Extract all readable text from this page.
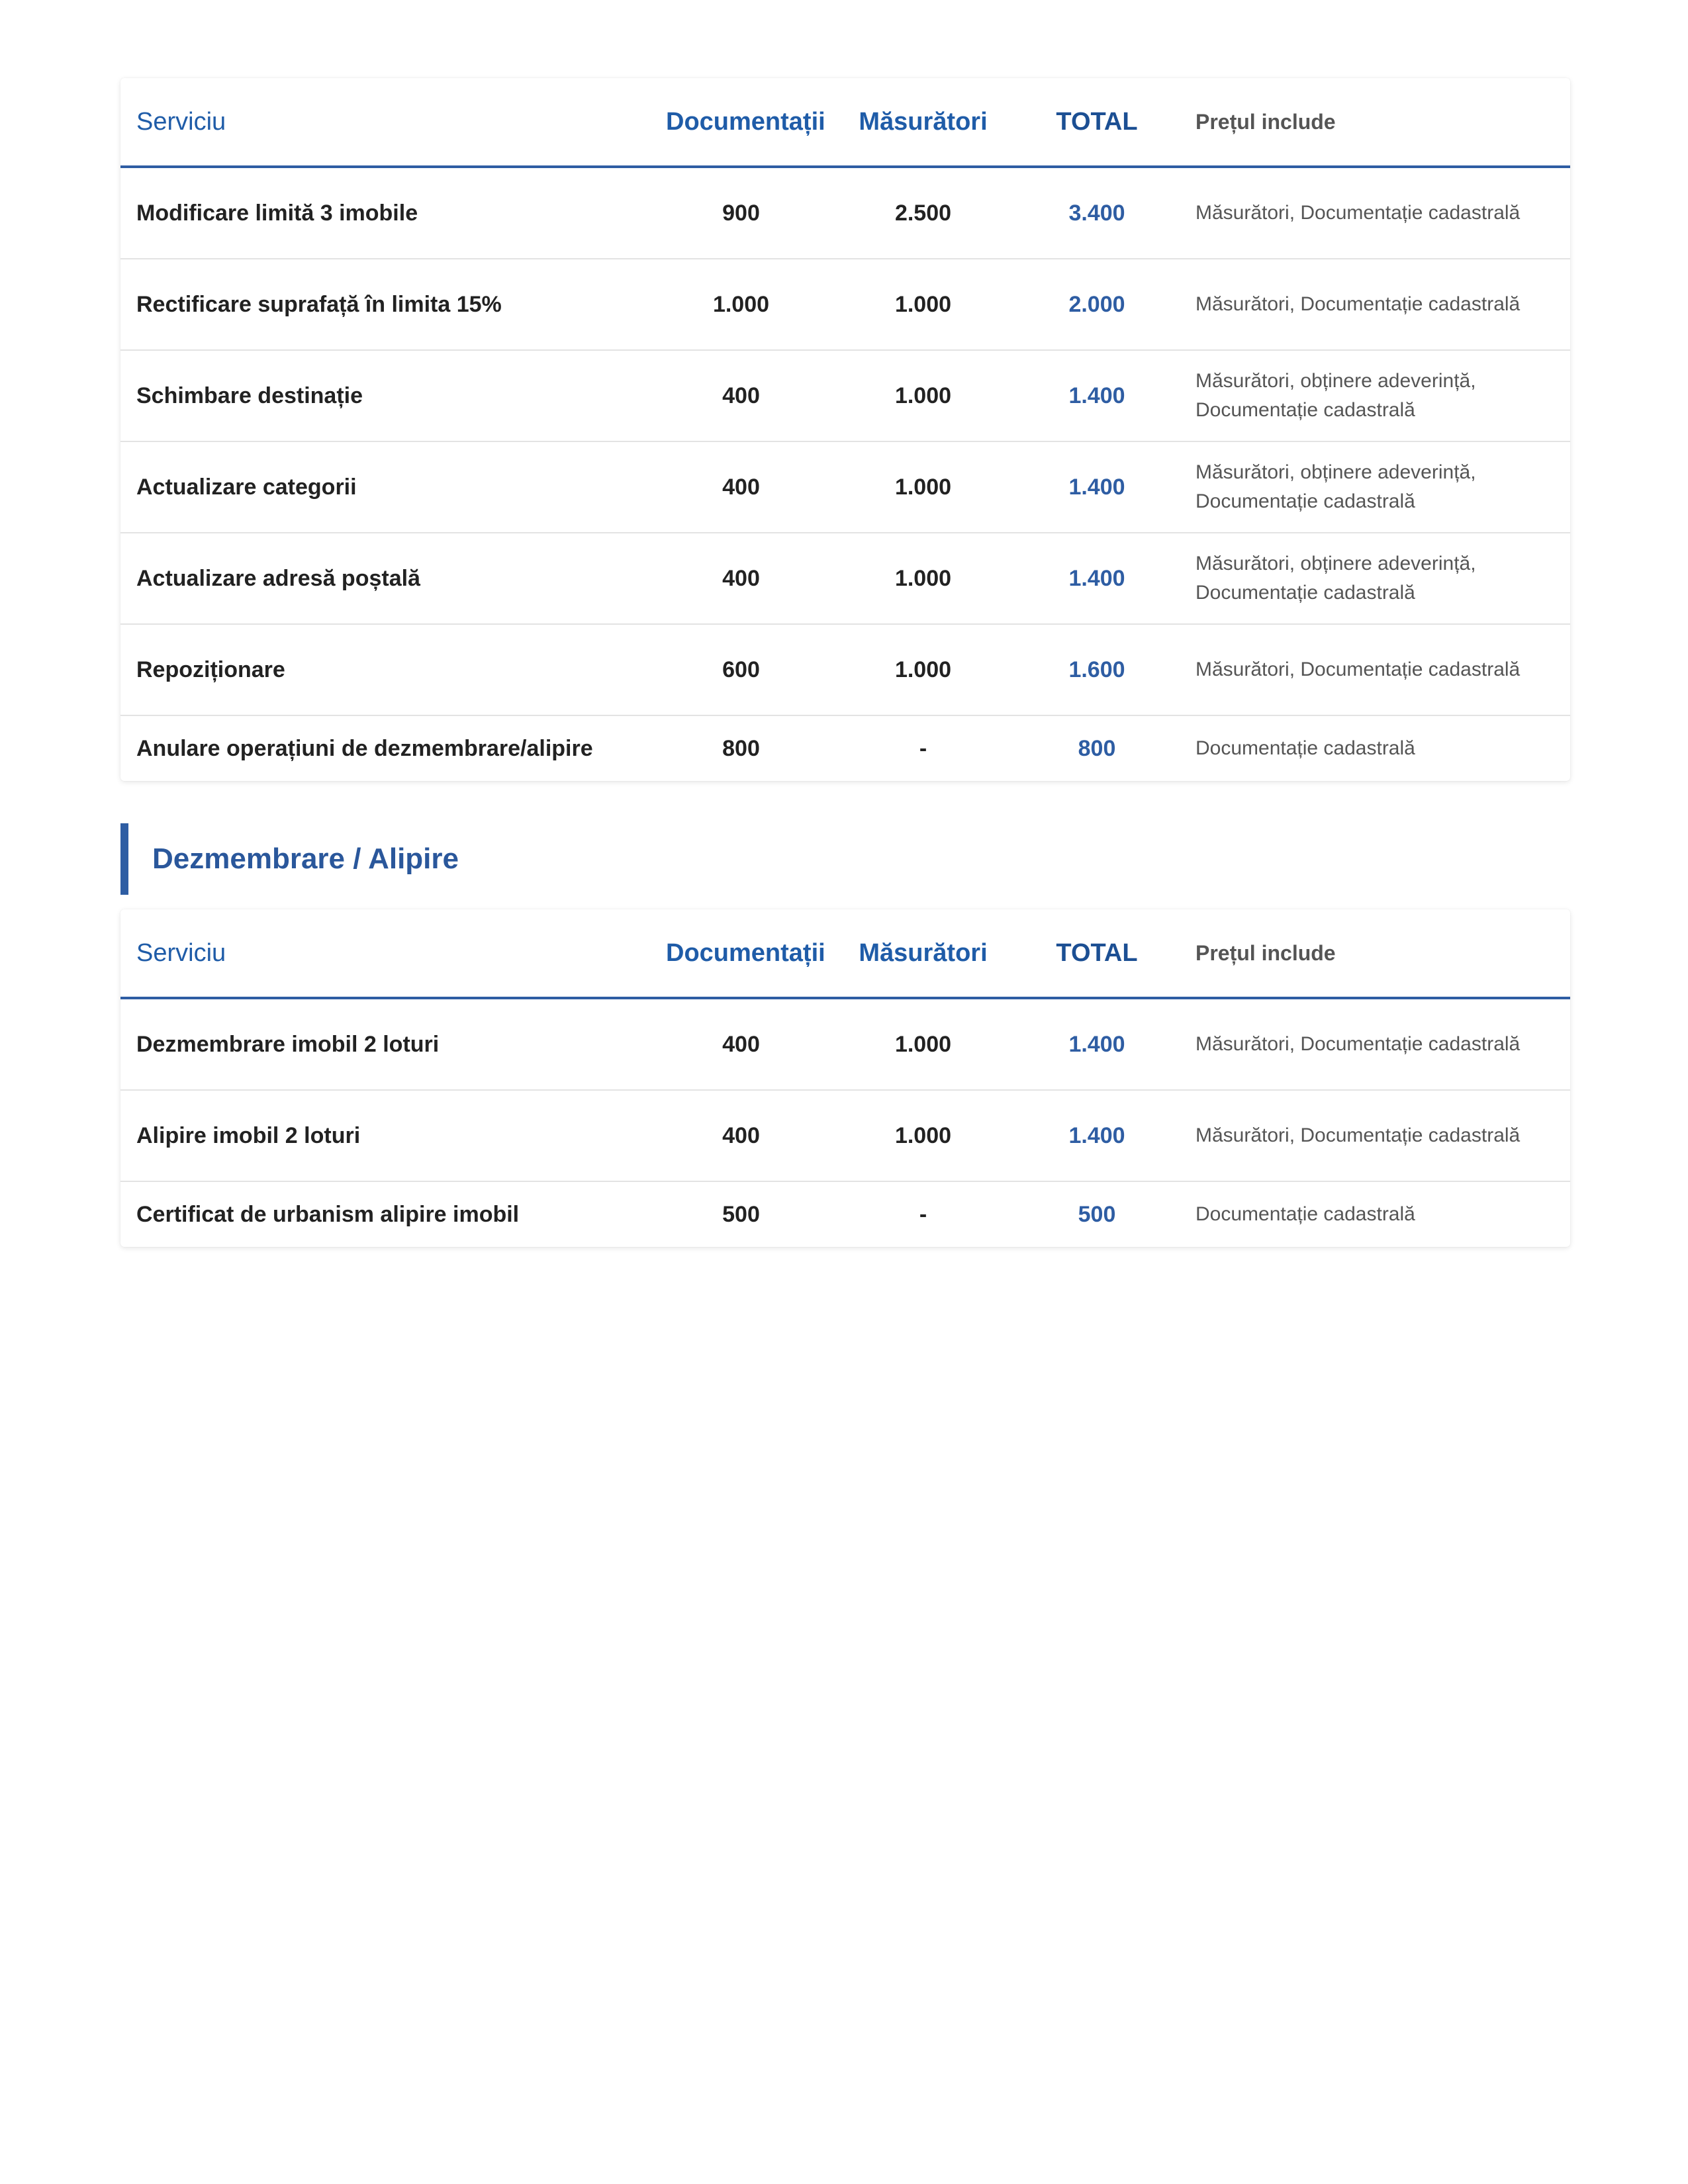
Serviciu	Documentații	Măsurători	TOTAL	Prețul include
Modificare limită 3 imobile	900	2.500	3.400	Măsurători, Documentație cadastrală
Rectificare suprafață în limita 15%	1.000	1.000	2.000	Măsurători, Documentație cadastrală
Schimbare destinație	400	1.000	1.400	Măsurători, obținere adeverință, Documentație cadastrală
Actualizare categorii	400	1.000	1.400	Măsurători, obținere adeverință, Documentație cadastrală
Actualizare adresă poștală	400	1.000	1.400	Măsurători, obținere adeverință, Documentație cadastrală
Repoziționare	600	1.000	1.600	Măsurători, Documentație cadastrală
Anulare operațiuni de dezmembrare/alipire	800	-	800	Documentație cadastrală
Dezmembrare / Alipire
Serviciu	Documentații	Măsurători	TOTAL	Prețul include
Dezmembrare imobil 2 loturi	400	1.000	1.400	Măsurători, Documentație cadastrală
Alipire imobil 2 loturi	400	1.000	1.400	Măsurători, Documentație cadastrală
Certificat de urbanism alipire imobil	500	-	500	Documentație cadastrală
